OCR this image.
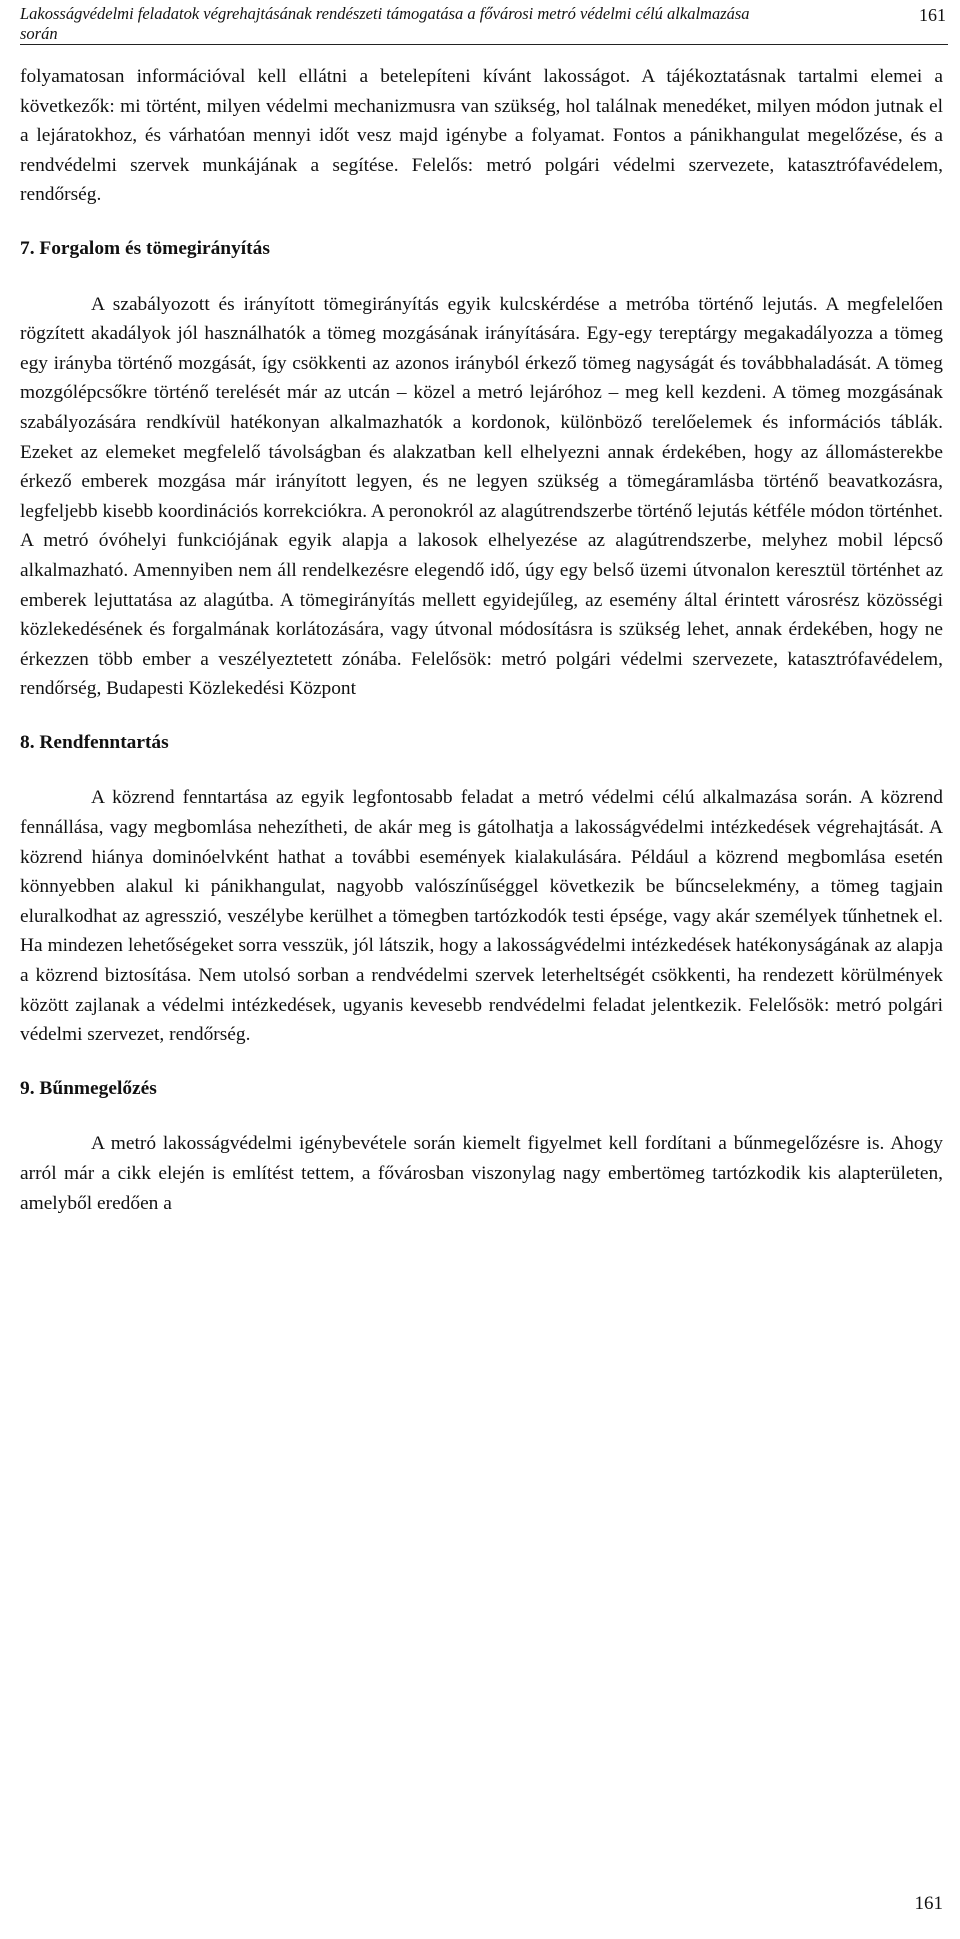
Lakosságvédelmi feladatok végrehajtásának rendészeti támogatása a fővárosi metró védelmi célú alkalmazása során
161

folyamatosan információval kell ellátni a betelepíteni kívánt lakosságot. A tájékoztatásnak tartalmi elemei a következők: mi történt, milyen védelmi mechanizmusra van szükség, hol találnak menedéket, milyen módon jutnak el a lejáratokhoz, és várhatóan mennyi időt vesz majd igénybe a folyamat. Fontos a pánikhangulat megelőzése, és a rendvédelmi szervek munkájának a segítése. Felelős: metró polgári védelmi szervezete, katasztrófavédelem, rendőrség.

7. Forgalom és tömegirányítás

A szabályozott és irányított tömegirányítás egyik kulcskérdése a metróba történő lejutás. A megfelelően rögzített akadályok jól használhatók a tömeg mozgásának irányítására. Egy-egy tereptárgy megakadályozza a tömeg egy irányba történő mozgását, így csökkenti az azonos irányból érkező tömeg nagyságát és továbbhaladását. A tömeg mozgólépcsőkre történő terelését már az utcán – közel a metró lejáróhoz – meg kell kezdeni. A tömeg mozgásának szabályozására rendkívül hatékonyan alkalmazhatók a kordonok, különböző terelőelemek és információs táblák. Ezeket az elemeket megfelelő távolságban és alakzatban kell elhelyezni annak érdekében, hogy az állomásterekbe érkező emberek mozgása már irányított legyen, és ne legyen szükség a tömegáramlásba történő beavatkozásra, legfeljebb kisebb koordinációs korrekciókra. A peronokról az alagútrendszerbe történő lejutás kétféle módon történhet. A metró óvóhelyi funkciójának egyik alapja a lakosok elhelyezése az alagútrendszerbe, melyhez mobil lépcső alkalmazható. Amennyiben nem áll rendelkezésre elegendő idő, úgy egy belső üzemi útvonalon keresztül történhet az emberek lejuttatása az alagútba. A tömegirányítás mellett egyidejűleg, az esemény által érintett városrész közösségi közlekedésének és forgalmának korlátozására, vagy útvonal módosításra is szükség lehet, annak érdekében, hogy ne érkezzen több ember a veszélyeztetett zónába. Felelősök: metró polgári védelmi szervezete, katasztrófavédelem, rendőrség, Budapesti Közlekedési Központ

8. Rendfenntartás

A közrend fenntartása az egyik legfontosabb feladat a metró védelmi célú alkalmazása során. A közrend fennállása, vagy megbomlása nehezítheti, de akár meg is gátolhatja a lakosságvédelmi intézkedések végrehajtását. A közrend hiánya dominóelvként hathat a további események kialakulására. Például a közrend megbomlása esetén könnyebben alakul ki pánikhangulat, nagyobb valószínűséggel következik be bűncselekmény, a tömeg tagjain eluralkodhat az agresszió, veszélybe kerülhet a tömegben tartózkodók testi épsége, vagy akár személyek tűnhetnek el. Ha mindezen lehetőségeket sorra vesszük, jól látszik, hogy a lakosságvédelmi intézkedések hatékonyságának az alapja a közrend biztosítása. Nem utolsó sorban a rendvédelmi szervek leterheltségét csökkenti, ha rendezett körülmények között zajlanak a védelmi intézkedések, ugyanis kevesebb rendvédelmi feladat jelentkezik. Felelősök: metró polgári védelmi szervezet, rendőrség.

9. Bűnmegelőzés

A metró lakosságvédelmi igénybevétele során kiemelt figyelmet kell fordítani a bűnmegelőzésre is. Ahogy arról már a cikk elején is említést tettem, a fővárosban viszonylag nagy embertömeg tartózkodik kis alapterületen, amelyből eredően a

161
